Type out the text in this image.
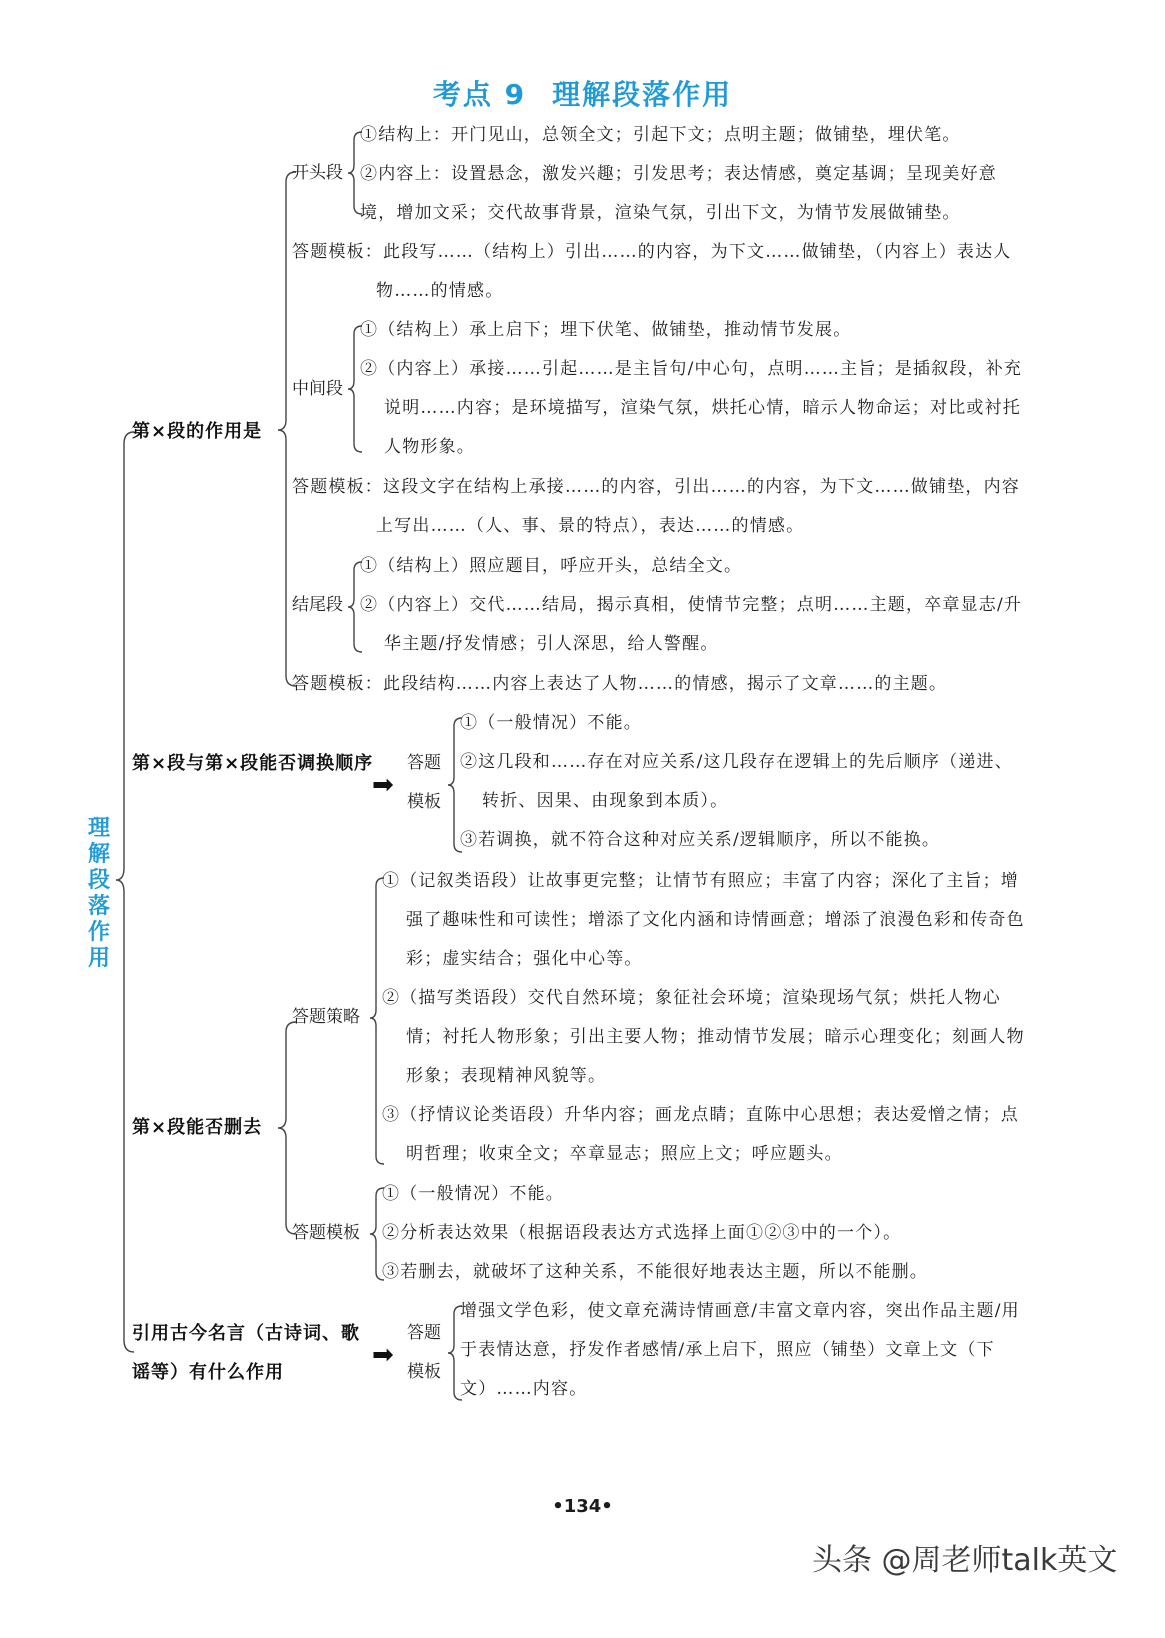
考点 9 理解段落作用
理解段落作用
第×段的作用是
开头段
①结构上：开门见山，总领全文；引起下文；点明主题；做铺垫，埋伏笔。
②内容上：设置悬念，激发兴趣；引发思考；表达情感，奠定基调；呈现美好意境，增加文采；交代故事背景，渲染气氛，引出下文，为情节发展做铺垫。
答题模板：此段写……（结构上）引出……的内容，为下文……做铺垫，（内容上）表达人物……的情感。
中间段
①（结构上）承上启下；埋下伏笔、做铺垫，推动情节发展。
②（内容上）承接……引起……是主旨句/中心句，点明……主旨；是插叙段，补充说明……内容；是环境描写，渲染气氛，烘托心情，暗示人物命运；对比或衬托人物形象。
答题模板：这段文字在结构上承接……的内容，引出……的内容，为下文……做铺垫，内容上写出……（人、事、景的特点），表达……的情感。
结尾段
①（结构上）照应题目，呼应开头，总结全文。
②（内容上）交代……结局，揭示真相，使情节完整；点明……主题，卒章显志/升华主题/抒发情感；引人深思，给人警醒。
答题模板：此段结构……内容上表达了人物……的情感，揭示了文章……的主题。
第×段与第×段能否调换顺序
➡
答题
模板
①（一般情况）不能。
②这几段和……存在对应关系/这几段存在逻辑上的先后顺序（递进、转折、因果、由现象到本质）。
③若调换，就不符合这种对应关系/逻辑顺序，所以不能换。
第×段能否删去
答题策略
①（记叙类语段）让故事更完整；让情节有照应；丰富了内容；深化了主旨；增强了趣味性和可读性；增添了文化内涵和诗情画意；增添了浪漫色彩和传奇色彩；虚实结合；强化中心等。
②（描写类语段）交代自然环境；象征社会环境；渲染现场气氛；烘托人物心情；衬托人物形象；引出主要人物；推动情节发展；暗示心理变化；刻画人物形象；表现精神风貌等。
③（抒情议论类语段）升华内容；画龙点睛；直陈中心思想；表达爱憎之情；点明哲理；收束全文；卒章显志；照应上文；呼应题头。
答题模板
①（一般情况）不能。
②分析表达效果（根据语段表达方式选择上面①②③中的一个）。
③若删去，就破坏了这种关系，不能很好地表达主题，所以不能删。
引用古今名言（古诗词、歌谣等）有什么作用
➡
答题
模板
增强文学色彩，使文章充满诗情画意/丰富文章内容，突出作品主题/用于表情达意，抒发作者感情/承上启下，照应（铺垫）文章上文（下文）……内容。
•134•
头条 @周老师talk英文
